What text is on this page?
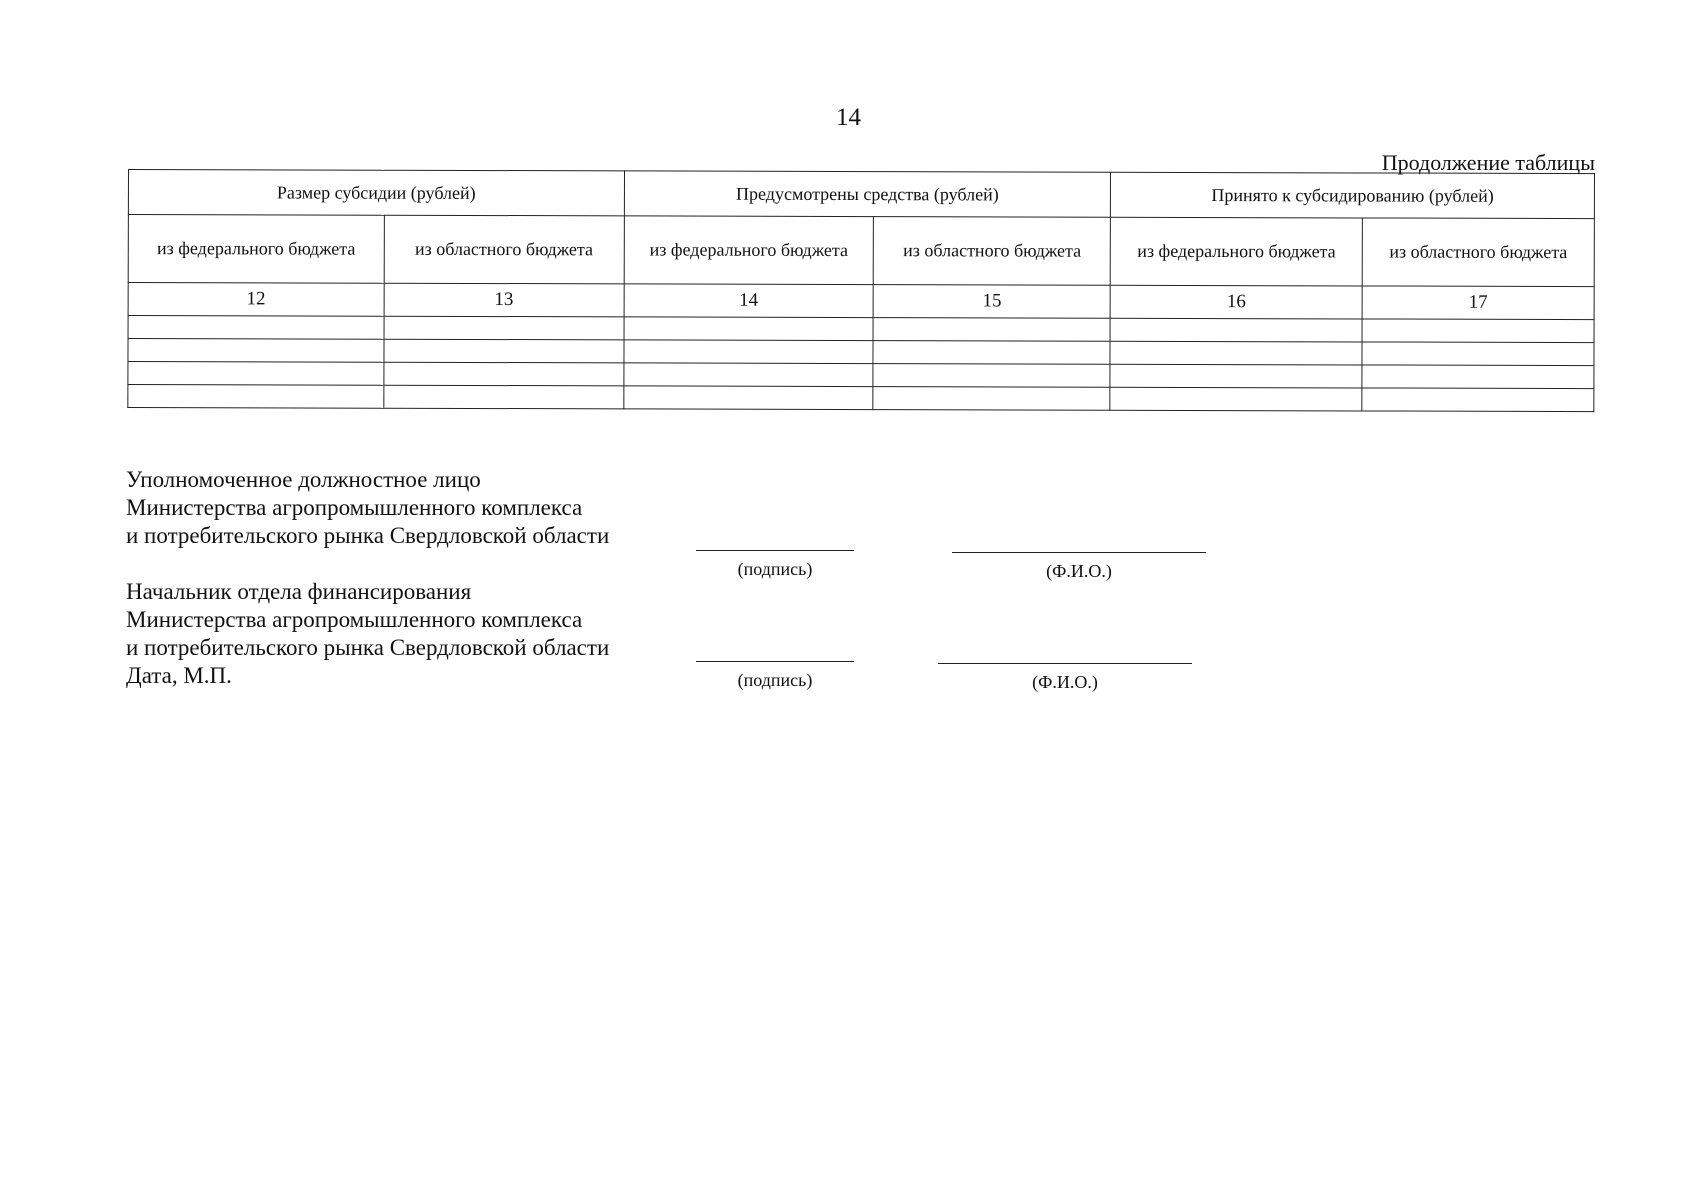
14
Продолжение таблицы
Размер субсидии (рублей)		Предусмотрены средства (рублей)		Принято к субсидированию (рублей)	
из федерального бюджета	из областного бюджета	из федерального бюджета	из областного бюджета	из федерального бюджета	из областного бюджета
12	13	14	15	16	17

Уполномоченное должностное лицо
Министерства агропромышленного комплекса
и потребительского рынка Свердловской области
(подпись)	(Ф.И.О.)
Начальник отдела финансирования
Министерства агропромышленного комплекса
и потребительского рынка Свердловской области
Дата, М.П.	(подпись)	(Ф.И.О.)
